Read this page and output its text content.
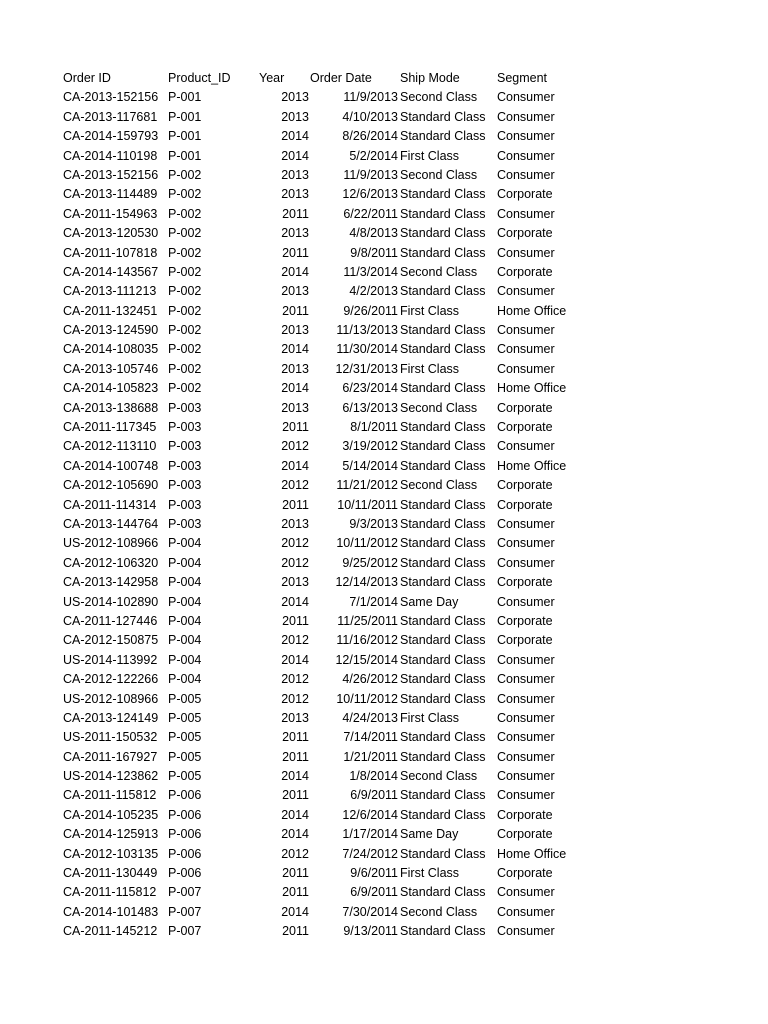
Order ID	Product_ID	Year	Order Date	Ship Mode	Segment
CA-2013-152156 P-001	2013	11/9/2013 Second Class	Consumer
CA-2013-117681 P-001	2013	4/10/2013 Standard Class Consumer
CA-2014-159793 P-001	2014	8/26/2014 Standard Class Consumer
CA-2014-110198 P-001	2014	5/2/2014 First Class	Consumer
CA-2013-152156 P-002	2013	11/9/2013 Second Class	Consumer
CA-2013-114489 P-002	2013	12/6/2013 Standard Class Corporate
CA-2011-154963 P-002	2011	6/22/2011 Standard Class Consumer
CA-2013-120530 P-002	2013	4/8/2013 Standard Class Corporate
CA-2011-107818 P-002	2011	9/8/2011 Standard Class Consumer
CA-2014-143567 P-002	2014	11/3/2014 Second Class	Corporate
CA-2013-111213 P-002	2013	4/2/2013 Standard Class Consumer
CA-2011-132451 P-002	2011	9/26/2011 First Class	Home Office
CA-2013-124590 P-002	2013	11/13/2013 Standard Class Consumer
CA-2014-108035 P-002	2014	11/30/2014 Standard Class Consumer
CA-2013-105746 P-002	2013	12/31/2013 First Class	Consumer
CA-2014-105823 P-002	2014	6/23/2014 Standard Class Home Office
CA-2013-138688 P-003	2013	6/13/2013 Second Class	Corporate
CA-2011-117345 P-003	2011	8/1/2011 Standard Class Corporate
CA-2012-113110 P-003	2012	3/19/2012 Standard Class Consumer
CA-2014-100748 P-003	2014	5/14/2014 Standard Class Home Office
CA-2012-105690 P-003	2012	11/21/2012 Second Class	Corporate
CA-2011-114314 P-003	2011	10/11/2011 Standard Class Corporate
CA-2013-144764 P-003	2013	9/3/2013 Standard Class Consumer
US-2012-108966 P-004	2012	10/11/2012 Standard Class Consumer
CA-2012-106320 P-004	2012	9/25/2012 Standard Class Consumer
CA-2013-142958 P-004	2013	12/14/2013 Standard Class Corporate
US-2014-102890 P-004	2014	7/1/2014 Same Day	Consumer
CA-2011-127446 P-004	2011	11/25/2011 Standard Class Corporate
CA-2012-150875 P-004	2012	11/16/2012 Standard Class Corporate
US-2014-113992 P-004	2014	12/15/2014 Standard Class Consumer
CA-2012-122266 P-004	2012	4/26/2012 Standard Class Consumer
US-2012-108966 P-005	2012	10/11/2012 Standard Class Consumer
CA-2013-124149 P-005	2013	4/24/2013 First Class	Consumer
US-2011-150532 P-005	2011	7/14/2011 Standard Class Consumer
CA-2011-167927 P-005	2011	1/21/2011 Standard Class Consumer
US-2014-123862 P-005	2014	1/8/2014 Second Class	Consumer
CA-2011-115812 P-006	2011	6/9/2011 Standard Class Consumer
CA-2014-105235 P-006	2014	12/6/2014 Standard Class Corporate
CA-2014-125913 P-006	2014	1/17/2014 Same Day	Corporate
CA-2012-103135 P-006	2012	7/24/2012 Standard Class Home Office
CA-2011-130449 P-006	2011	9/6/2011 First Class	Corporate
CA-2011-115812 P-007	2011	6/9/2011 Standard Class Consumer
CA-2014-101483 P-007	2014	7/30/2014 Second Class	Consumer
CA-2011-145212 P-007	2011	9/13/2011 Standard Class Consumer
